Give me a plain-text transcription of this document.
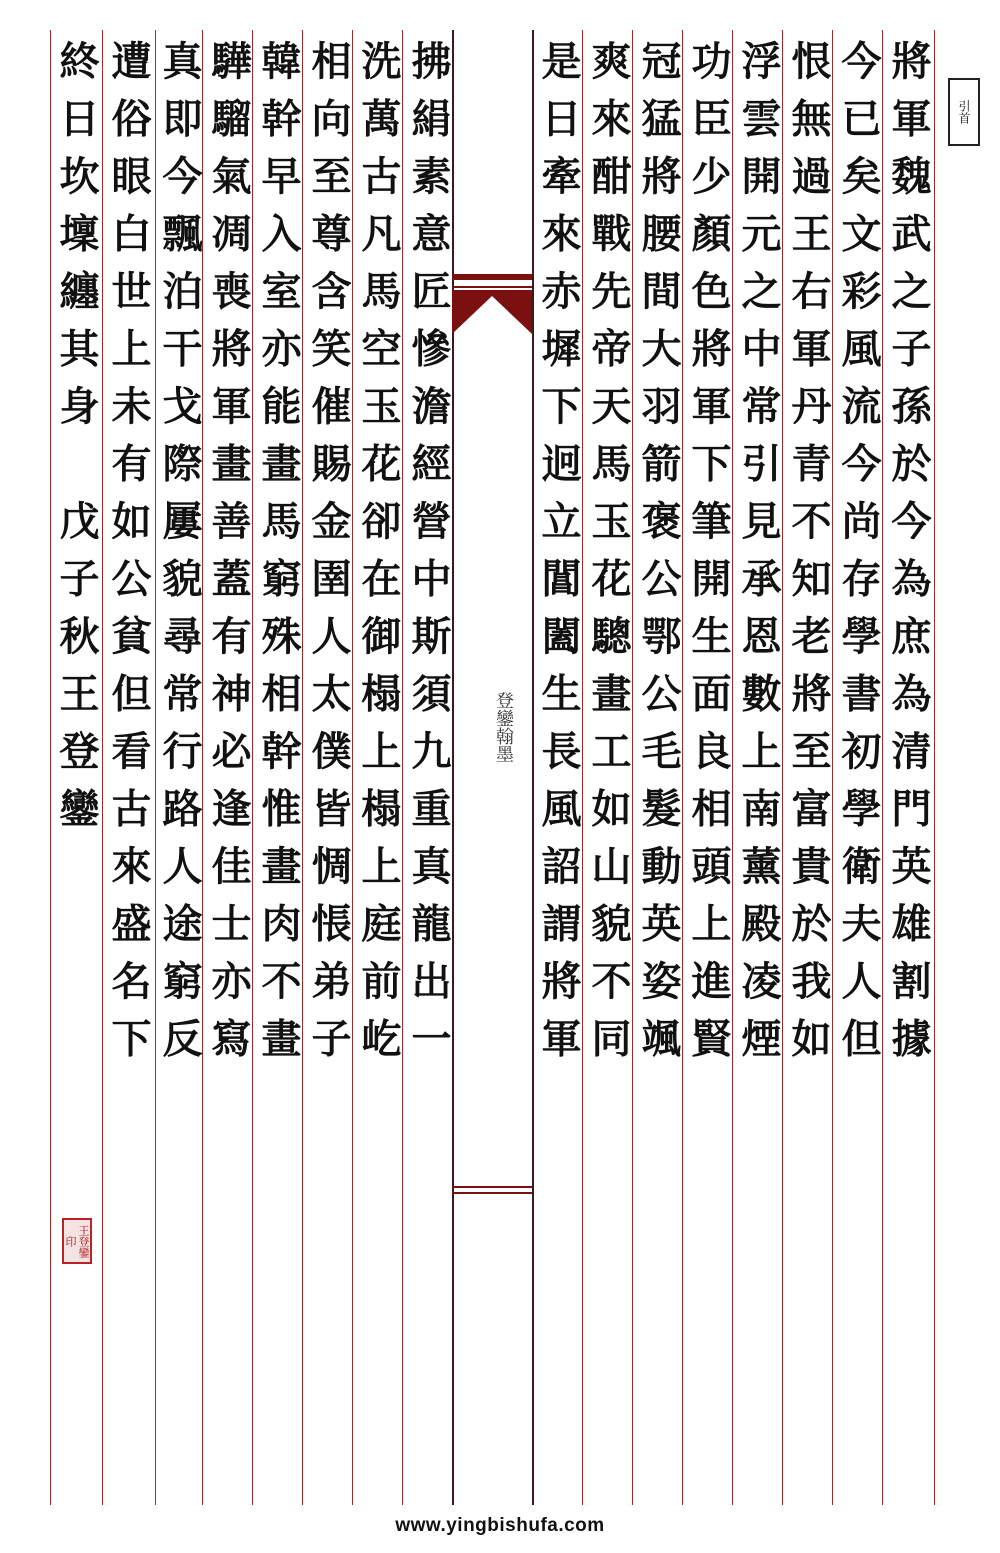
登鑾翰墨
引首
將軍魏武之子孫於今為庶為清門英雄割據
今已矣文彩風流今尚存學書初學衛夫人但
恨無過王右軍丹青不知老將至富貴於我如
浮雲開元之中常引見承恩數上南薰殿凌煙
功臣少顏色將軍下筆開生面良相頭上進賢
冠猛將腰間大羽箭褒公鄂公毛髮動英姿颯
爽來酣戰先帝天馬玉花驄畫工如山貌不同
是日牽來赤墀下迥立閶闔生長風詔謂將軍
拂絹素意匠慘澹經營中斯須九重真龍出一
洗萬古凡馬空玉花卻在御榻上榻上庭前屹
相向至尊含笑催賜金圉人太僕皆惆悵弟子
韓幹早入室亦能畫馬窮殊相幹惟畫肉不畫
驊騮氣凋喪將軍畫善蓋有神必逢佳士亦寫
真即今飄泊干戈際屢貌尋常行路人途窮反
遭俗眼白世上未有如公貧但看古來盛名下
終日坎壈纏其身　戊子秋王登鑾
王登鑾印
www.yingbishufa.com
